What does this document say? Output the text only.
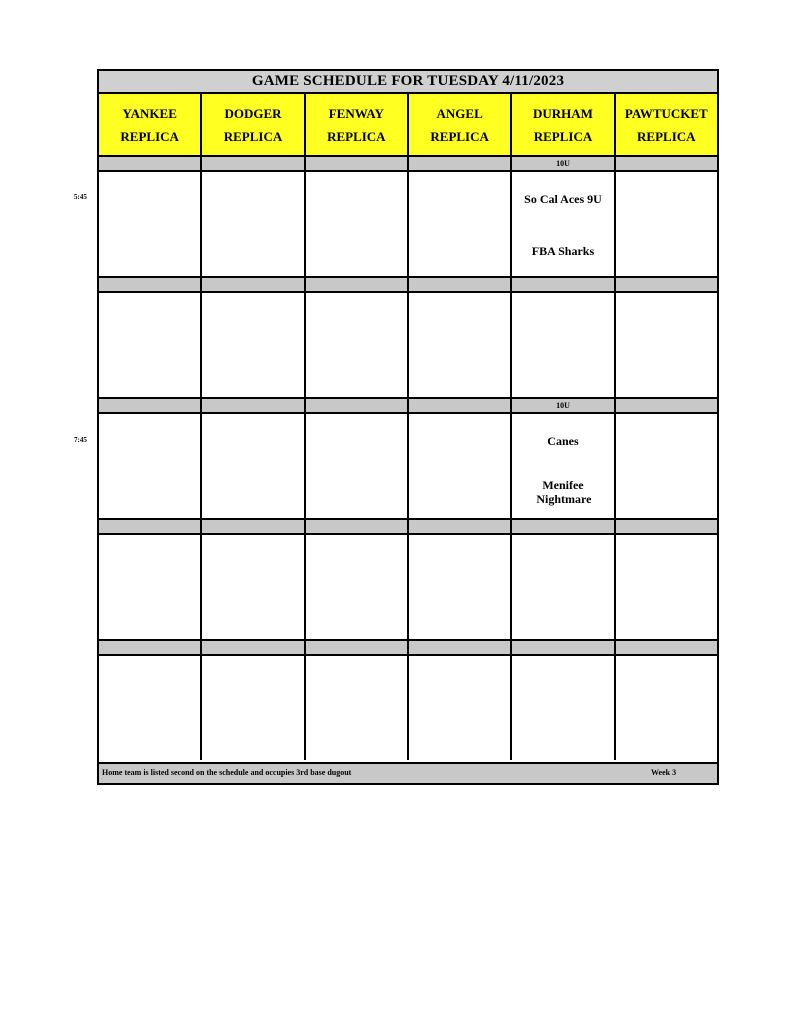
5:45
7:45
GAME SCHEDULE FOR TUESDAY 4/11/2023
YANKEE
REPLICA
DODGER
REPLICA
FENWAY
REPLICA
ANGEL
REPLICA
DURHAM
REPLICA
PAWTUCKET
REPLICA
10U
So Cal Aces 9U
FBA Sharks
10U
Canes
Menifee Nightmare
Home team is listed second on the schedule and occupies 3rd base dugout	Week 3
